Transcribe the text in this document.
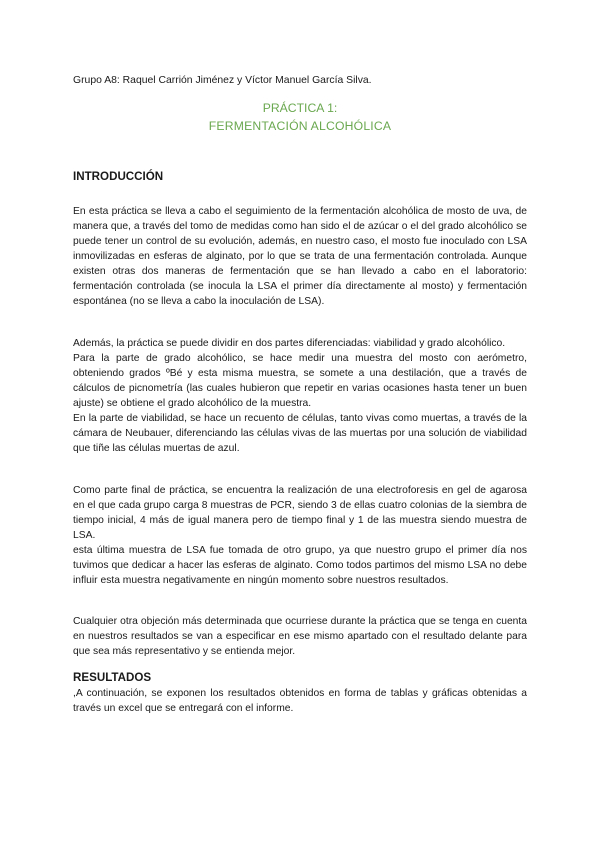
Grupo A8: Raquel Carrión Jiménez y Víctor Manuel García Silva.
PRÁCTICA 1:
FERMENTACIÓN ALCOHÓLICA
INTRODUCCIÓN
En esta práctica se lleva a cabo el seguimiento de la fermentación alcohólica de mosto de uva, de manera que, a través del tomo de medidas como han sido el de azúcar o el del grado alcohólico se puede tener un control de su evolución, además, en nuestro caso, el mosto fue inoculado con LSA inmovilizadas en esferas de alginato, por lo que se trata de una fermentación controlada. Aunque existen otras dos maneras de fermentación que se han llevado a cabo en el laboratorio: fermentación controlada (se inocula la LSA el primer día directamente al mosto) y fermentación espontánea (no se lleva a cabo la inoculación de LSA).
Además, la práctica se puede dividir en dos partes diferenciadas: viabilidad y grado alcohólico.
Para la parte de grado alcohólico, se hace medir una muestra del mosto con aerómetro, obteniendo grados ºBé y esta misma muestra, se somete a una destilación, que a través de cálculos de picnometría (las cuales hubieron que repetir en varias ocasiones hasta tener un buen ajuste) se obtiene el grado alcohólico de la muestra.
En la parte de viabilidad, se hace un recuento de células, tanto vivas como muertas, a través de la cámara de Neubauer, diferenciando las células vivas de las muertas por una solución de viabilidad que tiñe las células muertas de azul.
Como parte final de práctica, se encuentra la realización de una electroforesis en gel de agarosa en el que cada grupo carga 8 muestras de PCR, siendo 3 de ellas cuatro colonias de la siembra de tiempo inicial, 4 más de igual manera pero de tiempo final y 1 de las muestra siendo muestra de LSA.
esta última muestra de LSA fue tomada de otro grupo, ya que nuestro grupo el primer día nos tuvimos que dedicar a hacer las esferas de alginato. Como todos partimos del mismo LSA no debe influir esta muestra negativamente en ningún momento sobre nuestros resultados.
Cualquier otra objeción más determinada que ocurriese durante la práctica que se tenga en cuenta en nuestros resultados se van a especificar en ese mismo apartado con el resultado delante para que sea más representativo y se entienda mejor.
RESULTADOS
,A continuación, se exponen los resultados obtenidos en forma de tablas y gráficas obtenidas a través un excel que se entregará con el informe.
